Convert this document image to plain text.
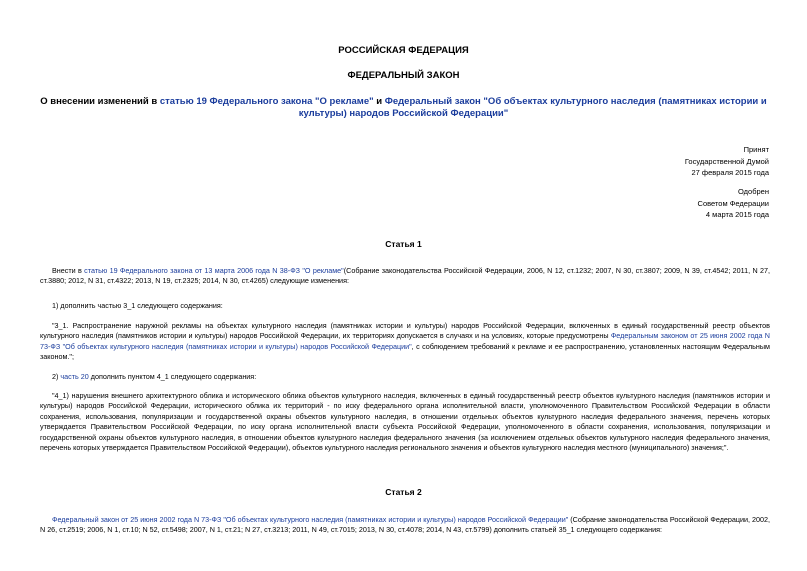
РОССИЙСКАЯ ФЕДЕРАЦИЯ
ФЕДЕРАЛЬНЫЙ ЗАКОН
О внесении изменений в статью 19 Федерального закона "О рекламе" и Федеральный закон "Об объектах культурного наследия (памятниках истории и культуры) народов Российской Федерации"
Принят
Государственной Думой
27 февраля 2015 года
Одобрен
Советом Федерации
4 марта 2015 года
Статья 1
Внести в статью 19 Федерального закона от 13 марта 2006 года N 38-ФЗ "О рекламе"(Собрание законодательства Российской Федерации, 2006, N 12, ст.1232; 2007, N 30, ст.3807; 2009, N 39, ст.4542; 2011, N 27, ст.3880; 2012, N 31, ст.4322; 2013, N 19, ст.2325; 2014, N 30, ст.4265) следующие изменения:
1) дополнить частью 3_1 следующего содержания:
"3_1. Распространение наружной рекламы на объектах культурного наследия (памятниках истории и культуры) народов Российской Федерации, включенных в единый государственный реестр объектов культурного наследия (памятников истории и культуры) народов Российской Федерации, их территориях допускается в случаях и на условиях, которые предусмотрены Федеральным законом от 25 июня 2002 года N 73-ФЗ "Об объектах культурного наследия (памятниках истории и культуры) народов Российской Федерации", с соблюдением требований к рекламе и ее распространению, установленных настоящим Федеральным законом.";
2) часть 20 дополнить пунктом 4_1 следующего содержания:
"4_1) нарушения внешнего архитектурного облика и исторического облика объектов культурного наследия, включенных в единый государственный реестр объектов культурного наследия (памятников истории и культуры) народов Российской Федерации, исторического облика их территорий - по иску федерального органа исполнительной власти, уполномоченного Правительством Российской Федерации в области сохранения, использования, популяризации и государственной охраны объектов культурного наследия, в отношении отдельных объектов культурного наследия федерального значения, перечень которых утверждается Правительством Российской Федерации, по иску органа исполнительной власти субъекта Российской Федерации, уполномоченного в области сохранения, использования, популяризации и государственной охраны объектов культурного наследия, в отношении объектов культурного наследия федерального значения (за исключением отдельных объектов культурного наследия федерального значения, перечень которых утверждается Правительством Российской Федерации), объектов культурного наследия регионального значения и объектов культурного наследия местного (муниципального) значения;".
Статья 2
Федеральный закон от 25 июня 2002 года N 73-ФЗ "Об объектах культурного наследия (памятниках истории и культуры) народов Российской Федерации" (Собрание законодательства Российской Федерации, 2002, N 26, ст.2519; 2006, N 1, ст.10; N 52, ст.5498; 2007, N 1, ст.21; N 27, ст.3213; 2011, N 49, ст.7015; 2013, N 30, ст.4078; 2014, N 43, ст.5799) дополнить статьей 35_1 следующего содержания:
